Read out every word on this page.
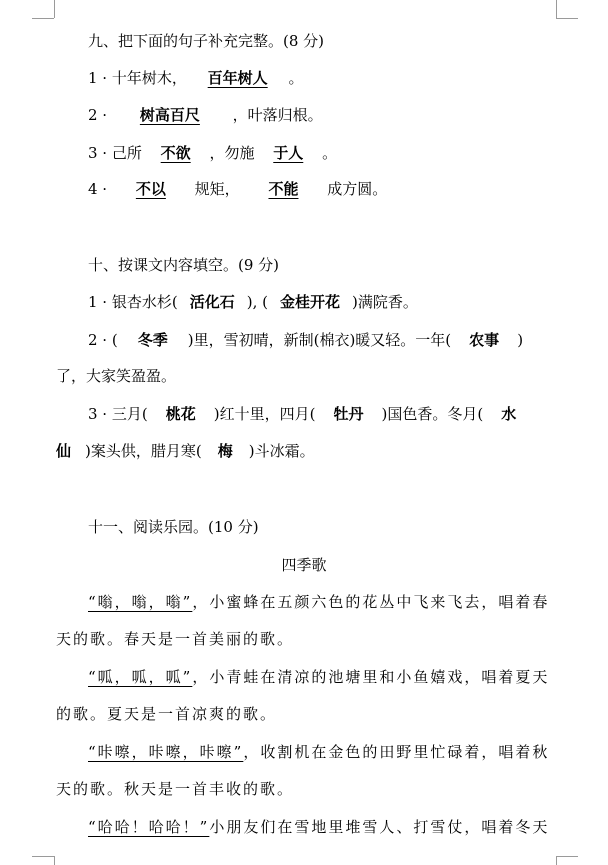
九、把下面的句子补充完整。(8 分)
1 · 十年树木， 百年树人 。
2 · 树高百尺 ，叶落归根。
3 · 己所 不欲 ，勿施 于人 。
4 · 不以 规矩， 不能 成方圆。
十、按课文内容填空。(9 分)
1 · 银杏水杉( 活化石 ), ( 金桂开花 )满院香。
2 · ( 冬季 )里，雪初晴，新制(棉衣)暖又轻。一年( 农事 )
了，大家笑盈盈。
3 · 三月( 桃花 )红十里，四月( 牡丹 )国色香。冬月( 水
仙 )案头供，腊月寒( 梅 )斗冰霜。
十一、阅读乐园。(10 分)
四季歌
“嗡，嗡，嗡”，小蜜蜂在五颜六色的花丛中飞来飞去，唱着春
天的歌。春天是一首美丽的歌。
“呱，呱，呱”，小青蛙在清凉的池塘里和小鱼嬉戏，唱着夏天
的歌。夏天是一首凉爽的歌。
“咔嚓，咔嚓，咔嚓”，收割机在金色的田野里忙碌着，唱着秋
天的歌。秋天是一首丰收的歌。
“哈哈！哈哈！”小朋友们在雪地里堆雪人、打雪仗，唱着冬天
